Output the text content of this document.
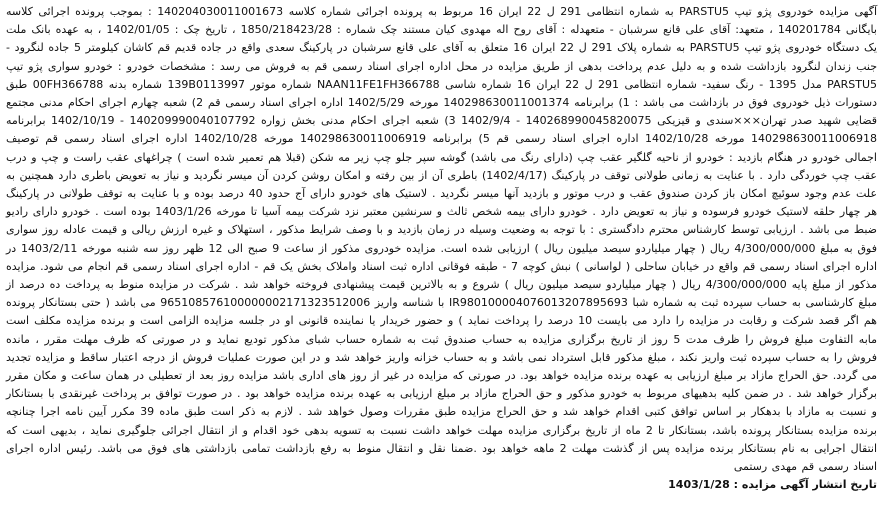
آگهی مزایده خودروی پژو تیپ PARSTU5 به شماره انتظامی 291 ل 22 ایران 16 مربوط به پرونده اجرائی شماره کلاسه 140204030011001673 : بموجب پرونده اجرائی کلاسه بایگانی 140201784 ، متعهد: آقای علی قانع سرشبان - متعهدله : آقای روح اله مهدوی کیان مستند چک شماره : 1850/218423/28 ، تاریخ چک : 1402/01/05 ، به عهده بانک ملت یک دستگاه خودروی پژو تیپ PARSTU5 به شماره پلاک 291 ل 22 ایران 16 متعلق به آقای علی قانع سرشبان در پارکینگ سعدی واقع در جاده قدیم قم کاشان کیلومتر 5 جاده لنگرود - جنب زندان لنگرود بازداشت شده و به دلیل عدم پرداخت بدهی از طریق مزایده در محل اداره اجرای اسناد رسمی قم به فروش می رسد : مشخصات خودرو : خودرو سواری پژو تیپ PARSTU5 مدل 1395 - رنگ سفید- شماره انتظامی 291 ل 22 ایران 16 شماره شاسی NAAN11FE1FH366788 شماره موتور 139B0113997 شماره بدنه 00FH366788 طبق دستورات ذیل خودروی فوق در بازداشت می باشد : 1) برابرنامه 140298630011001374 مورخه 1402/5/29 اداره اجرای اسناد رسمی قم 2) شعبه چهارم اجرای احکام مدنی مجتمع قضایی شهید صدر تهران×××سندی و قیزیکی 140268990045820075 - 1402/9/4 3) شعبه اجرای احکام مدنی بخش زواره 140209990040107792 - 1402/10/19 برابرنامه 140298630011006918 مورخه 1402/10/28 اداره اجرای اسناد رسمی قم 5) برابرنامه 140298630011006919 مورخه 1402/10/28 اداره اجرای اسناد رسمی قم توصیف اجمالی خودرو در هنگام بازدید : خودرو از ناحیه گلگیر عقب چپ (دارای رنگ می باشد) گوشه سپر جلو چپ زیر مه شکن (قبلا هم تعمیر شده است ) چراغهای عقب راست و چپ و درب عقب چپ خوردگی دارد . با عنایت به زمانی طولانی توقف در پارکینگ (1402/4/17) باطری آن از بین رفته و امکان روشن کردن آن میسر نگردید و نیاز به تعویض باطری دارد همچنین به علت عدم وجود سوئیچ امکان باز کردن صندوق عقب و درب موتور و بازدید آنها میسر نگردید . لاستیک های خودرو دارای آج حدود 40 درصد بوده و با عنایت به توقف طولانی در پارکینگ هر چهار حلقه لاستیک خودرو فرسوده و نیاز به تعویض دارد . خودرو دارای بیمه شخص ثالث و سرنشین معتبر نزد شرکت بیمه آسیا تا مورخه 1403/1/26 بوده است . خودرو دارای رادیو ضبط می باشد . ارزیابی توسط کارشناس محترم دادگستری : با توجه به وضعیت وسیله در زمان بازدید و با وصف شرایط مذکور ، استهلاک و غیره ارزش ریالی و قیمت عادله روز سواری فوق به مبلغ 4/300/000/000 ریال ( چهار میلیاردو سیصد میلیون ریال ) ارزیابی شده است. مزایده خودروی مذکور از ساعت 9 صبح الی 12 ظهر روز سه شنبه مورخه 1403/2/11 در اداره اجرای اسناد رسمی قم واقع در خیابان ساحلی ( لواسانی ) نبش کوچه 7 - طبقه فوقانی اداره ثبت اسناد واملاک بخش یک قم - اداره اجرای اسناد رسمی قم انجام می شود. مزایده مذکور از مبلغ پایه 4/300/000/000 ریال ( چهار میلیاردو سیصد میلیون ریال ) شروع و به بالاترین قیمت پیشنهادی فروخته خواهد شد . شرکت در مزایده منوط به پرداخت ده درصد از مبلغ کارشناسی به حساب سپرده ثبت به شماره شبا IR980100004076013207895693 با شناسه واریز 965108576100000002171323512006 می باشد ( حتی بستانکار پرونده هم اگر قصد شرکت و رقابت در مزایده را دارد می بایست 10 درصد را پرداخت نماید ) و حضور خریدار یا نماینده قانونی او در جلسه مزایده الزامی است و برنده مزایده مکلف است مابه التفاوت مبلغ فروش را ظرف مدت 5 روز از تاریخ برگزاری مزایده به حساب صندوق ثبت به شماره حساب شبای مذکور تودیع نماید و در صورتی که ظرف مهلت مقرر ، مانده فروش را به حساب سپرده ثبت واریز نکند ، مبلغ مذکور قابل استرداد نمی باشد و به حساب خزانه واریز خواهد شد و در این صورت عملیات فروش از درجه اعتبار ساقط و مزایده تجدید می گردد. حق الحراج مازاد بر مبلغ ارزیابی به عهده برنده مزایده خواهد بود. در صورتی که مزایده در غیر از روز های اداری باشد مزایده روز بعد از تعطیلی در همان ساعت و مکان مقرر برگزار خواهد شد . در ضمن کلیه بدهیهای مربوط به خودرو مذکور و حق الحراج مازاد بر مبلغ ارزیابی به عهده برنده مزایده خواهد بود . در صورت توافق بر پرداخت غیرنقدی با بستانکار و نسبت به مازاد با بدهکار بر اساس توافق کتبی اقدام خواهد شد و حق الحراج مزایده طبق مقررات وصول خواهد شد . لازم به ذکر است طبق ماده 39 مکرر آیین نامه اجرا چنانچه برنده مزایده بستانکار پرونده باشد، بستانکار تا 2 ماه از تاریخ برگزاری مزایده مهلت خواهد داشت نسبت به تسویه بدهی خود اقدام و از انتقال اجرائی جلوگیری نماید ، بدیهی است که انتقال اجرایی به نام بستانکار برنده مزایده پس از گذشت مهلت 2 ماهه خواهد بود .ضمنا نقل و انتقال منوط به رفع بازداشت تمامی بازداشتی های فوق می باشد. رئیس اداره اجرای اسناد رسمی قم مهدی رستمی

تاریخ انتشار آگهی مزایده : 1403/1/28
